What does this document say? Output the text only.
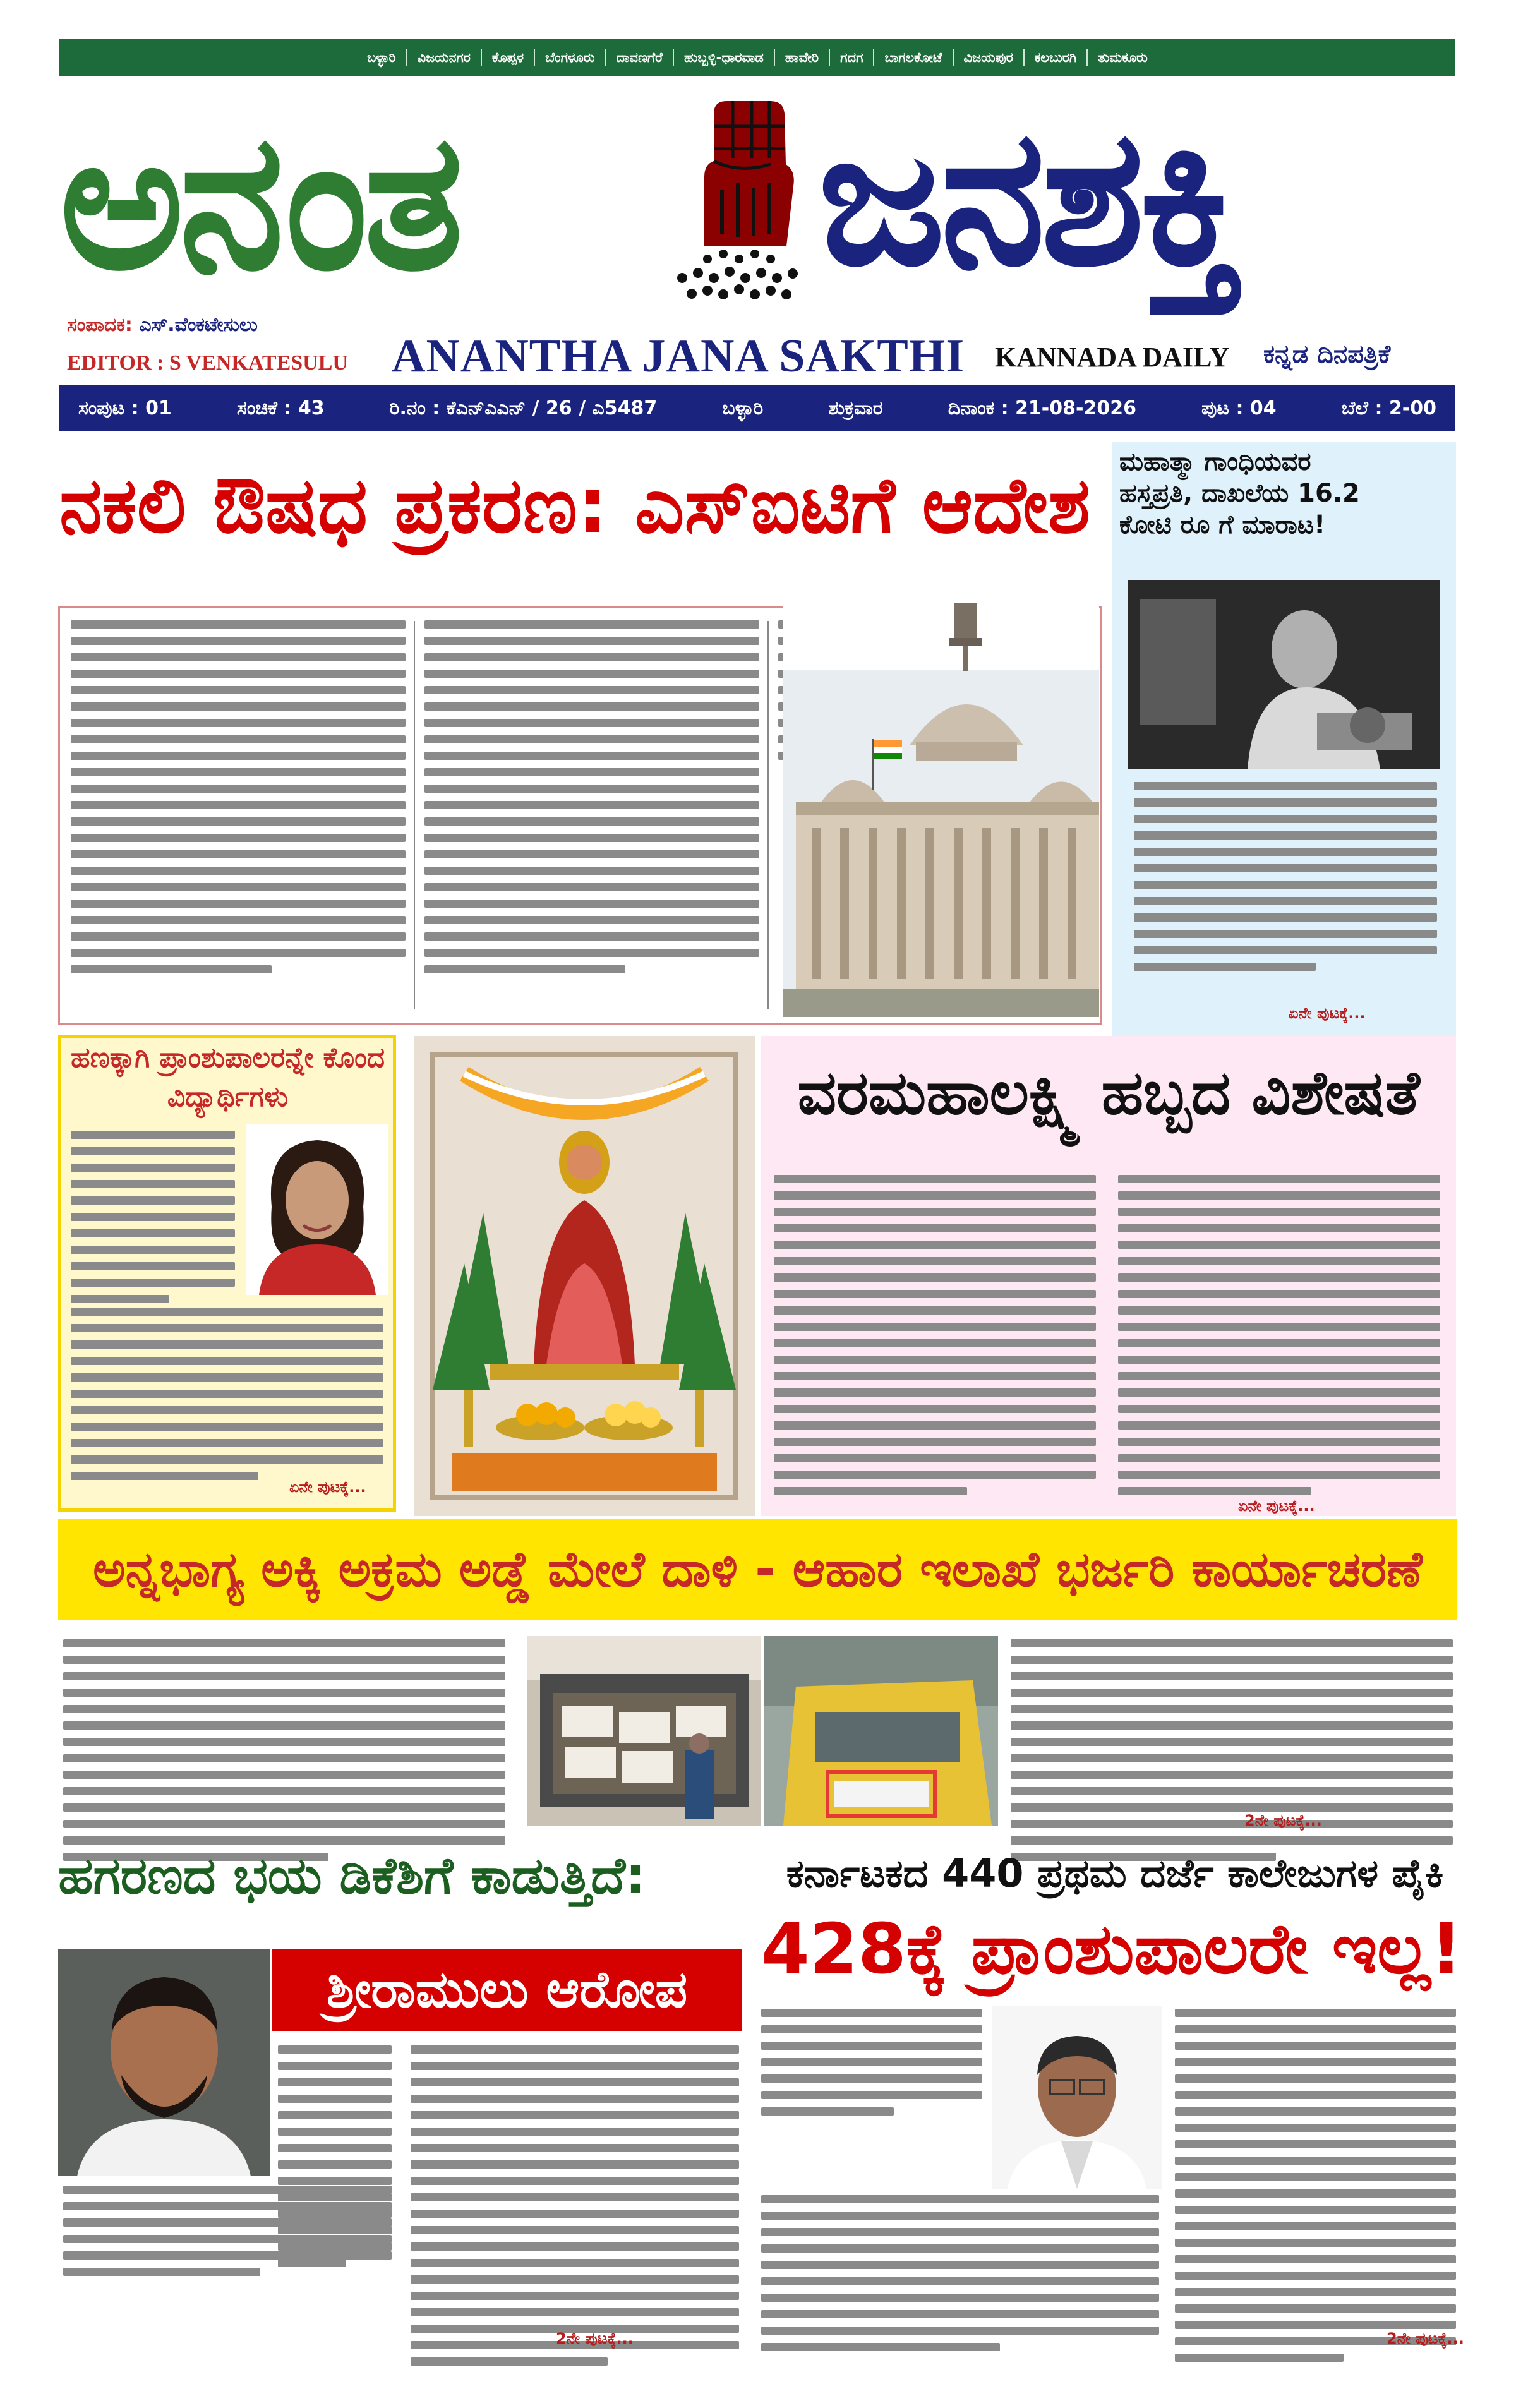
ಬಳ್ಳಾರಿ	ವಿಜಯನಗರ	ಕೊಪ್ಪಳ	ಬೆಂಗಳೂರು	ದಾವಣಗೆರೆ	ಹುಬ್ಬಳ್ಳಿ-ಧಾರವಾಡ	ಹಾವೇರಿ	ಗದಗ	ಬಾಗಲಕೋಟೆ	ವಿಜಯಪುರ	ಕಲಬುರಗಿ	ತುಮಕೂರು
ಅನಂತ	ಜನಶಕ್ತಿ
ಸಂಪಾದಕ: ಎಸ್.ವೆಂಕಟೇಸುಲು
EDITOR : S VENKATESULU ANANTHA JANA SAKTHI KANNADA DAILY ಕನ್ನಡ ದಿನಪತ್ರಿಕೆ
ಸಂಪುಟ : 01	ಸಂಚಿಕೆ : 43	ರಿ.ನಂ : ಕೆಎನ್‌ಎಎನ್ / 26 / ಎ5487	ಬಳ್ಳಾರಿ	ಶುಕ್ರವಾರ	ದಿನಾಂಕ : 21-08-2026	ಪುಟ : 04	ಬೆಲೆ : 2-00
ನಕಲಿ ಔಷಧ ಪ್ರಕರಣ: ಎಸ್‌ಐಟಿಗೆ ಆದೇಶ ಮಹಾತ್ಮಾ ಗಾಂಧಿಯವರ
ಹಸ್ತಪ್ರತಿ, ದಾಖಲೆಯ 16.2
ಕೋಟಿ ರೂ ಗೆ ಮಾರಾಟ!
ಏನೇ ಪುಟಕ್ಕೆ...
ಹಣಕ್ಕಾಗಿ ಪ್ರಾಂಶುಪಾಲರನ್ನೇ ಕೊಂದ ವಿದ್ಯಾರ್ಥಿಗಳು
ಏನೇ ಪುಟಕ್ಕೆ...
ವರಮಹಾಲಕ್ಷ್ಮಿ ಹಬ್ಬದ ವಿಶೇಷತೆ
ಏನೇ ಪುಟಕ್ಕೆ...
ಅನ್ನಭಾಗ್ಯ ಅಕ್ಕಿ ಅಕ್ರಮ ಅಡ್ಡೆ ಮೇಲೆ ದಾಳಿ - ಆಹಾರ ಇಲಾಖೆ ಭರ್ಜರಿ ಕಾರ್ಯಾಚರಣೆ
2ನೇ ಪುಟಕ್ಕೆ...
ಹಗರಣದ ಭಯ ಡಿಕೆಶಿಗೆ ಕಾಡುತ್ತಿದೆ:
ಶ್ರೀರಾಮುಲು ಆರೋಪ
2ನೇ ಪುಟಕ್ಕೆ...
ಕರ್ನಾಟಕದ 440 ಪ್ರಥಮ ದರ್ಜೆ ಕಾಲೇಜುಗಳ ಪೈಕಿ
428ಕ್ಕೆ ಪ್ರಾಂಶುಪಾಲರೇ ಇಲ್ಲ!
2ನೇ ಪುಟಕ್ಕೆ...
